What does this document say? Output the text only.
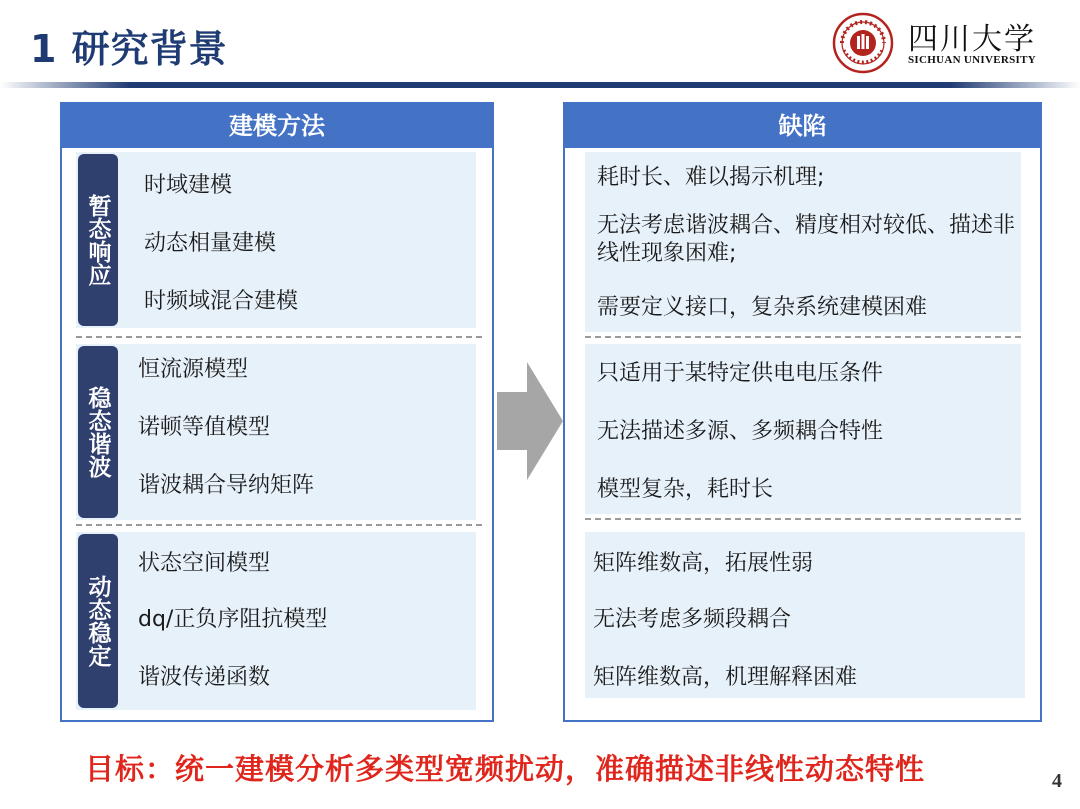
1 研究背景	四川大学
SICHUAN UNIVERSITY
建模方法
暂态响应
时域建模
动态相量建模
时频域混合建模
稳态谐波
恒流源模型
诺顿等值模型
谐波耦合导纳矩阵
动态稳定
状态空间模型
dq/正负序阻抗模型
谐波传递函数
缺陷
耗时长、难以揭示机理;
无法考虑谐波耦合、精度相对较低、描述非线性现象困难;
需要定义接口，复杂系统建模困难
只适用于某特定供电电压条件
无法描述多源、多频耦合特性
模型复杂，耗时长
矩阵维数高，拓展性弱
无法考虑多频段耦合
矩阵维数高，机理解释困难
目标：统一建模分析多类型宽频扰动，准确描述非线性动态特性	4
